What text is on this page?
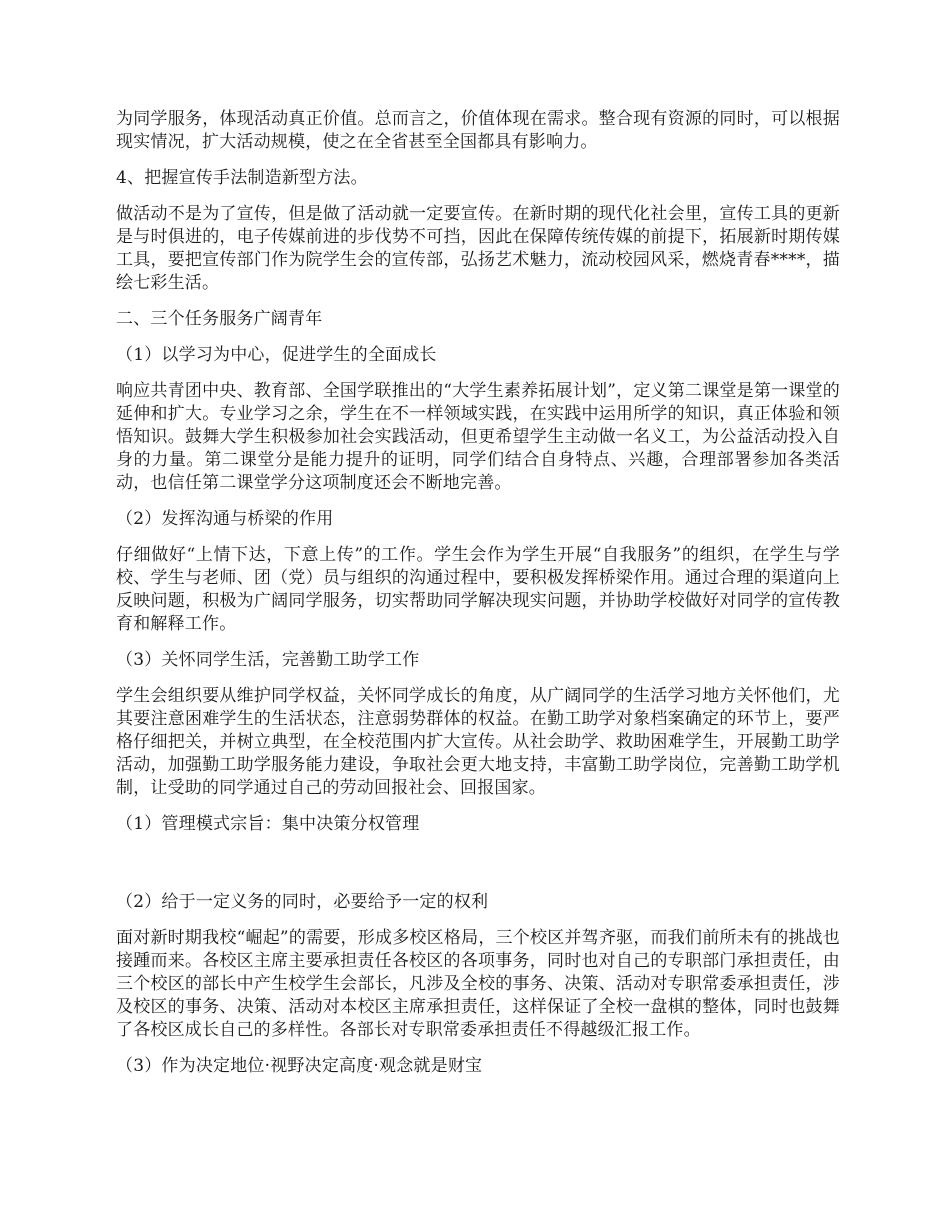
为同学服务，体现活动真正价值。总而言之，价值体现在需求。整合现有资源的同时，可以根据现实情况，扩大活动规模，使之在全省甚至全国都具有影响力。

4、把握宣传手法制造新型方法。

做活动不是为了宣传，但是做了活动就一定要宣传。在新时期的现代化社会里，宣传工具的更新是与时俱进的，电子传媒前进的步伐势不可挡，因此在保障传统传媒的前提下，拓展新时期传媒工具，要把宣传部门作为院学生会的宣传部，弘扬艺术魅力，流动校园风采，燃烧青春****，描绘七彩生活。

二、三个任务服务广阔青年

（1）以学习为中心，促进学生的全面成长

响应共青团中央、教育部、全国学联推出的“大学生素养拓展计划”，定义第二课堂是第一课堂的延伸和扩大。专业学习之余，学生在不一样领域实践，在实践中运用所学的知识，真正体验和领悟知识。鼓舞大学生积极参加社会实践活动，但更希望学生主动做一名义工，为公益活动投入自身的力量。第二课堂分是能力提升的证明，同学们结合自身特点、兴趣，合理部署参加各类活动，也信任第二课堂学分这项制度还会不断地完善。

（2）发挥沟通与桥梁的作用

仔细做好“上情下达，下意上传”的工作。学生会作为学生开展“自我服务”的组织，在学生与学校、学生与老师、团（党）员与组织的沟通过程中，要积极发挥桥梁作用。通过合理的渠道向上反映问题，积极为广阔同学服务，切实帮助同学解决现实问题，并协助学校做好对同学的宣传教育和解释工作。

（3）关怀同学生活，完善勤工助学工作

学生会组织要从维护同学权益，关怀同学成长的角度，从广阔同学的生活学习地方关怀他们，尤其要注意困难学生的生活状态，注意弱势群体的权益。在勤工助学对象档案确定的环节上，要严格仔细把关，并树立典型，在全校范围内扩大宣传。从社会助学、救助困难学生，开展勤工助学活动，加强勤工助学服务能力建设，争取社会更大地支持，丰富勤工助学岗位，完善勤工助学机制，让受助的同学通过自己的劳动回报社会、回报国家。

（1）管理模式宗旨：集中决策分权管理

（2）给于一定义务的同时，必要给予一定的权利

面对新时期我校“崛起”的需要，形成多校区格局，三个校区并驾齐驱，而我们前所未有的挑战也接踵而来。各校区主席主要承担责任各校区的各项事务，同时也对自己的专职部门承担责任，由三个校区的部长中产生校学生会部长，凡涉及全校的事务、决策、活动对专职常委承担责任，涉及校区的事务、决策、活动对本校区主席承担责任，这样保证了全校一盘棋的整体，同时也鼓舞了各校区成长自己的多样性。各部长对专职常委承担责任不得越级汇报工作。

（3）作为决定地位·视野决定高度·观念就是财宝
